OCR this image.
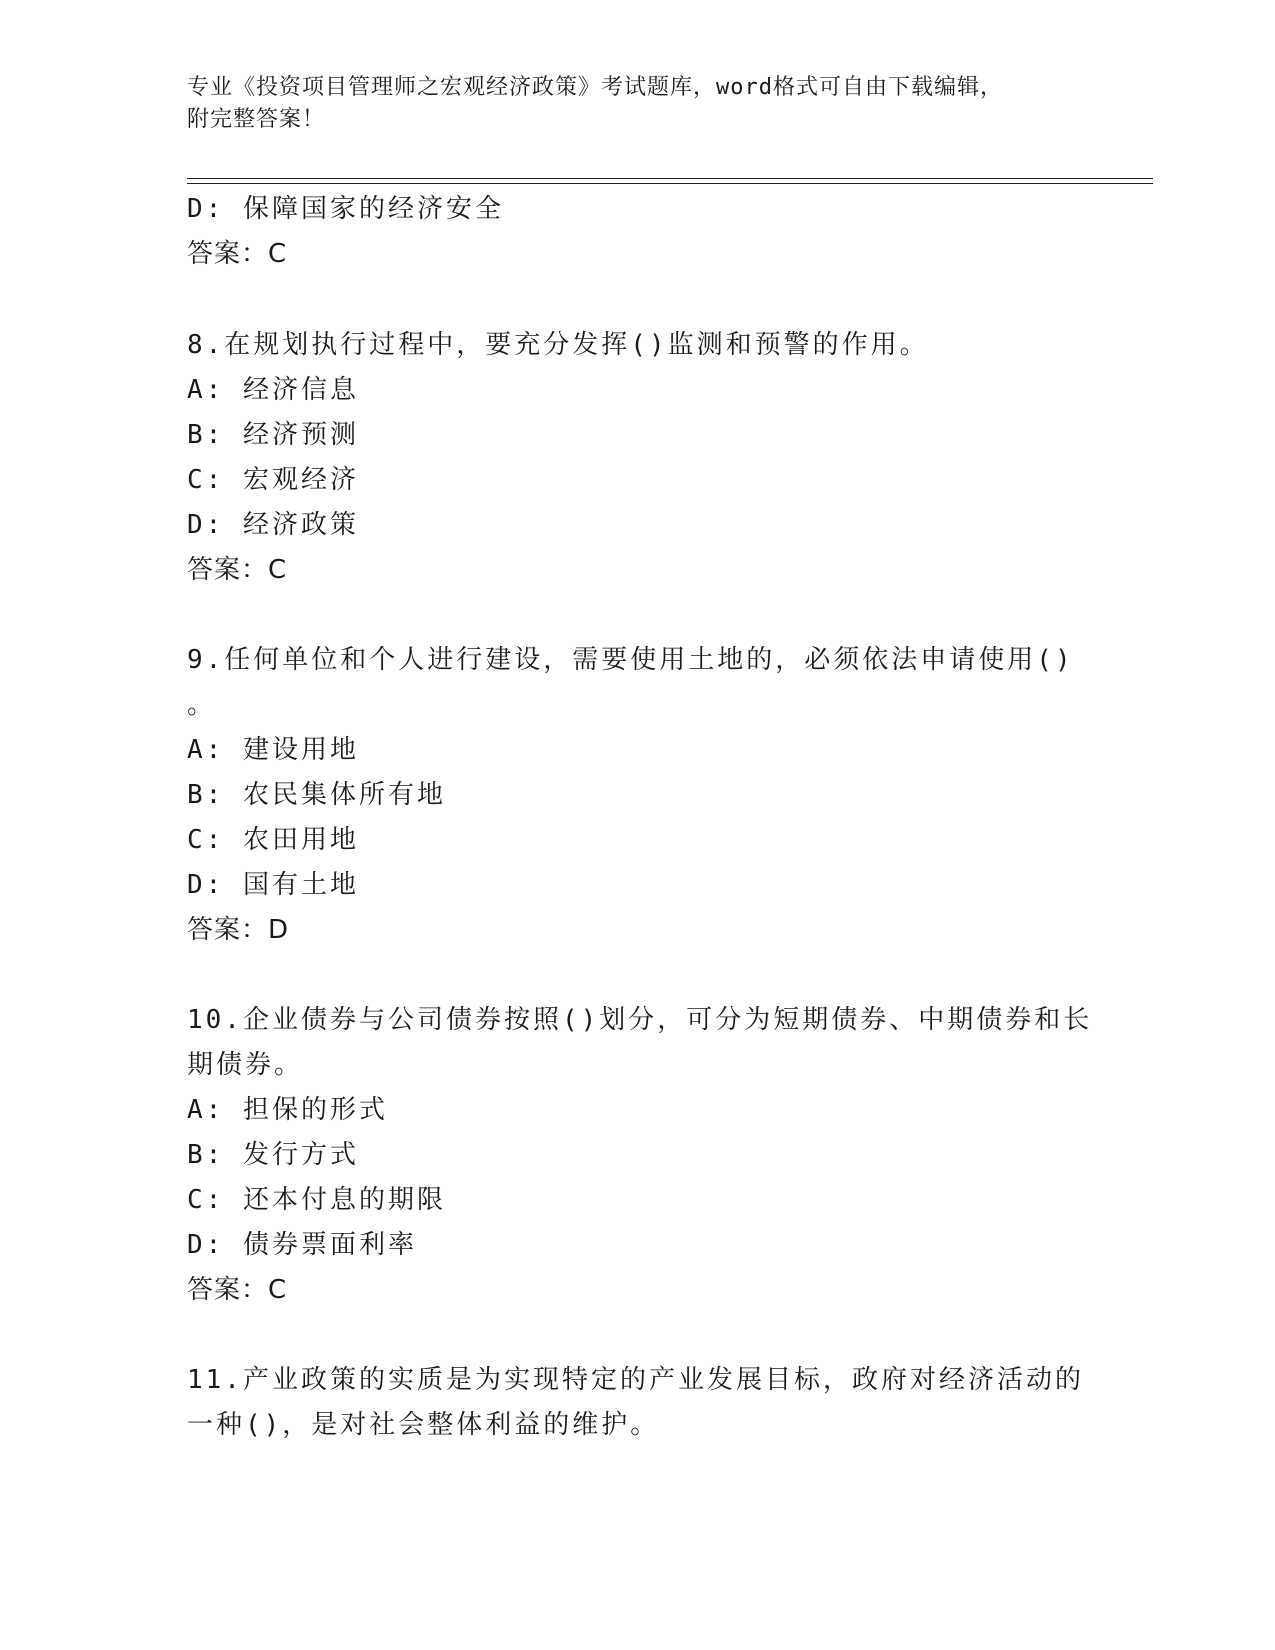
专业《投资项目管理师之宏观经济政策》考试题库，word格式可自由下载编辑，
附完整答案！
D: 保障国家的经济安全
答案：C
8.在规划执行过程中，要充分发挥()监测和预警的作用。
A: 经济信息
B: 经济预测
C: 宏观经济
D: 经济政策
答案：C
9.任何单位和个人进行建设，需要使用土地的，必须依法申请使用()
。
A: 建设用地
B: 农民集体所有地
C: 农田用地
D: 国有土地
答案：D
10.企业债券与公司债券按照()划分，可分为短期债券、中期债券和长
期债券。
A: 担保的形式
B: 发行方式
C: 还本付息的期限
D: 债券票面利率
答案：C
11.产业政策的实质是为实现特定的产业发展目标，政府对经济活动的
一种()，是对社会整体利益的维护。
